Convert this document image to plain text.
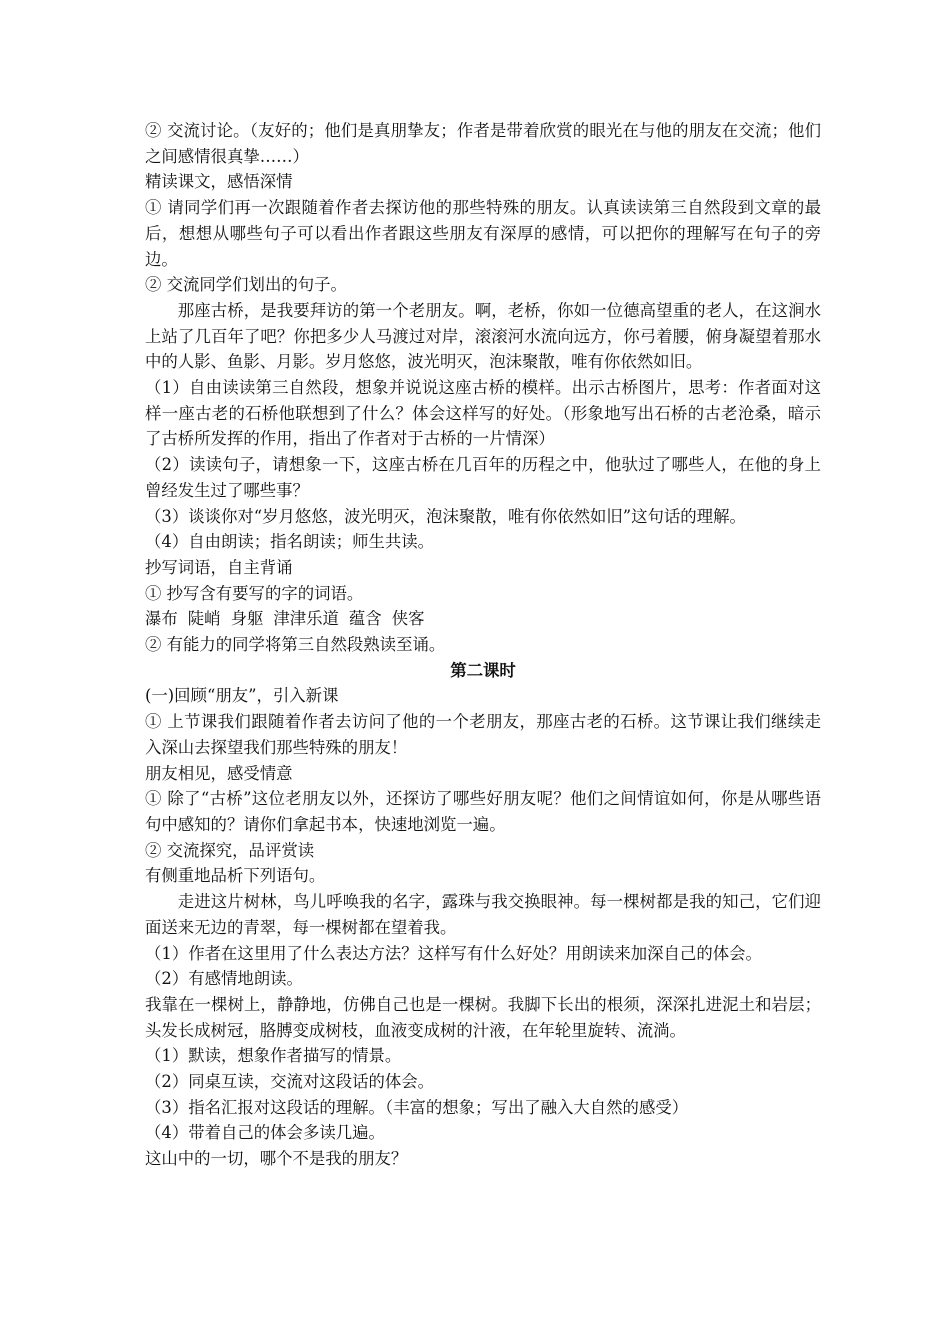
② 交流讨论。（友好的；他们是真朋挚友；作者是带着欣赏的眼光在与他的朋友在交流；他们之间感情很真挚……）

精读课文，感悟深情

① 请同学们再一次跟随着作者去探访他的那些特殊的朋友。认真读读第三自然段到文章的最后，想想从哪些句子可以看出作者跟这些朋友有深厚的感情，可以把你的理解写在句子的旁边。

② 交流同学们划出的句子。

那座古桥，是我要拜访的第一个老朋友。啊，老桥，你如一位德高望重的老人，在这涧水上站了几百年了吧？你把多少人马渡过对岸，滚滚河水流向远方，你弓着腰，俯身凝望着那水中的人影、鱼影、月影。岁月悠悠，波光明灭，泡沫聚散，唯有你依然如旧。

（1）自由读读第三自然段，想象并说说这座古桥的模样。出示古桥图片，思考：作者面对这样一座古老的石桥他联想到了什么？体会这样写的好处。（形象地写出石桥的古老沧桑，暗示了古桥所发挥的作用，指出了作者对于古桥的一片情深）

（2）读读句子，请想象一下，这座古桥在几百年的历程之中，他驮过了哪些人，在他的身上曾经发生过了哪些事？

（3）谈谈你对“岁月悠悠，波光明灭，泡沫聚散，唯有你依然如旧”这句话的理解。

（4）自由朗读；指名朗读；师生共读。

抄写词语，自主背诵

① 抄写含有要写的字的词语。

瀑布 陡峭 身躯 津津乐道 蕴含 侠客

② 有能力的同学将第三自然段熟读至诵。

第二课时

(一)回顾“朋友”，引入新课

① 上节课我们跟随着作者去访问了他的一个老朋友，那座古老的石桥。这节课让我们继续走入深山去探望我们那些特殊的朋友！

朋友相见，感受情意

① 除了“古桥”这位老朋友以外，还探访了哪些好朋友呢？他们之间情谊如何，你是从哪些语句中感知的？请你们拿起书本，快速地浏览一遍。

② 交流探究，品评赏读

有侧重地品析下列语句。

走进这片树林，鸟儿呼唤我的名字，露珠与我交换眼神。每一棵树都是我的知己，它们迎面送来无边的青翠，每一棵树都在望着我。

（1）作者在这里用了什么表达方法？这样写有什么好处？用朗读来加深自己的体会。

（2）有感情地朗读。

我靠在一棵树上，静静地，仿佛自己也是一棵树。我脚下长出的根须，深深扎进泥土和岩层；头发长成树冠，胳膊变成树枝，血液变成树的汁液，在年轮里旋转、流淌。

（1）默读，想象作者描写的情景。

（2）同桌互读，交流对这段话的体会。

（3）指名汇报对这段话的理解。（丰富的想象；写出了融入大自然的感受）

（4）带着自己的体会多读几遍。

这山中的一切，哪个不是我的朋友？
